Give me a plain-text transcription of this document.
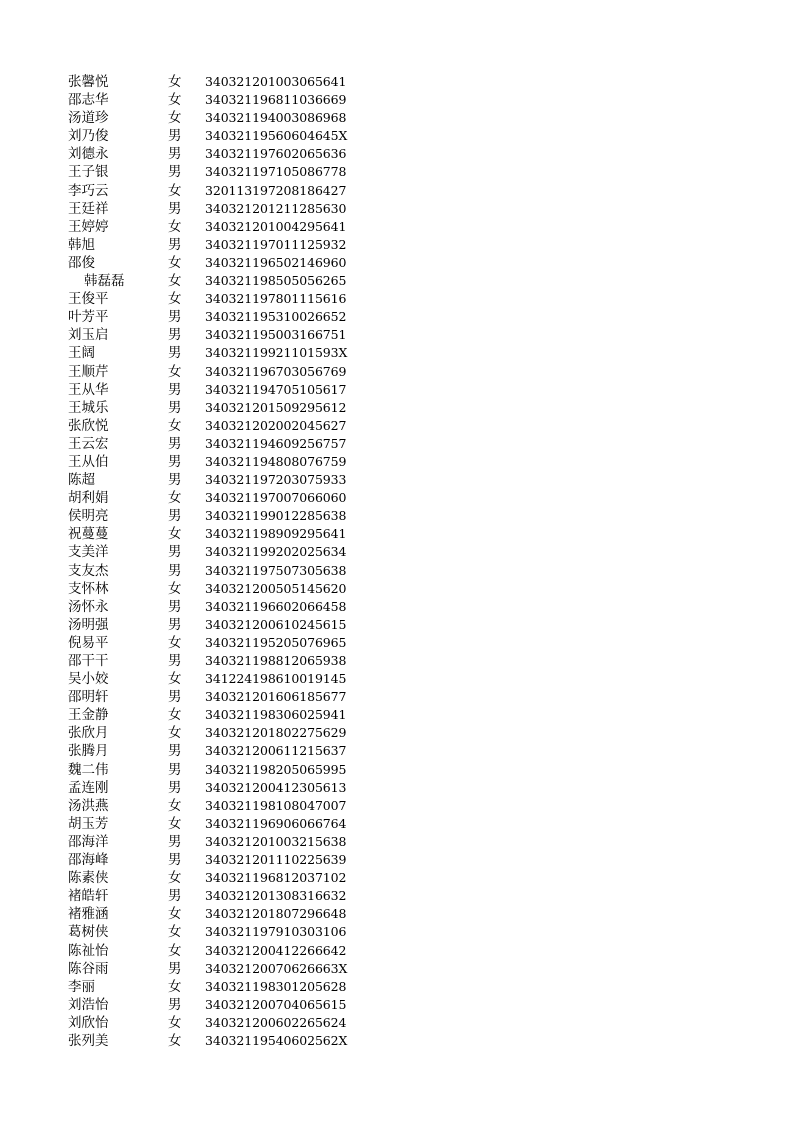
张馨悦	女 340321201003065641
邵志华	女 340321196811036669
汤道珍	女 340321194003086968
刘乃俊	男 34032119560604645X
刘德永	男 340321197602065636
王子银	男 340321197105086778
李巧云	女 320113197208186427
王廷祥	男 340321201211285630
王婷婷	女 340321201004295641
韩旭	男 340321197011125932
邵俊	女 340321196502146960
韩磊磊	女 340321198505056265
王俊平	女 340321197801115616
叶芳平	男 340321195310026652
刘玉启	男 340321195003166751
王阔	男 34032119921101593X
王顺芹	女 340321196703056769
王从华	男 340321194705105617
王城乐	男 340321201509295612
张欣悦	女 340321202002045627
王云宏	男 340321194609256757
王从伯	男 340321194808076759
陈超	男 340321197203075933
胡利娟	女 340321197007066060
侯明亮	男 340321199012285638
祝蔓蔓	女 340321198909295641
支美洋	男 340321199202025634
支友杰	男 340321197507305638
支怀林	女 340321200505145620
汤怀永	男 340321196602066458
汤明强	男 340321200610245615
倪易平	女 340321195205076965
邵干干	男 340321198812065938
吴小姣	女 341224198610019145
邵明轩	男 340321201606185677
王金静	女 340321198306025941
张欣月	女 340321201802275629
张腾月	男 340321200611215637
魏二伟	男 340321198205065995
孟连刚	男 340321200412305613
汤洪燕	女 340321198108047007
胡玉芳	女 340321196906066764
邵海洋	男 340321201003215638
邵海峰	男 340321201110225639
陈素侠	女 340321196812037102
褚皓轩	男 340321201308316632
褚雅涵	女 340321201807296648
葛树侠	女 340321197910303106
陈祉怡	女 340321200412266642
陈谷雨	男 34032120070626663X
李丽	女 340321198301205628
刘浩怡	男 340321200704065615
刘欣怡	女 340321200602265624
张列美	女 34032119540602562X
